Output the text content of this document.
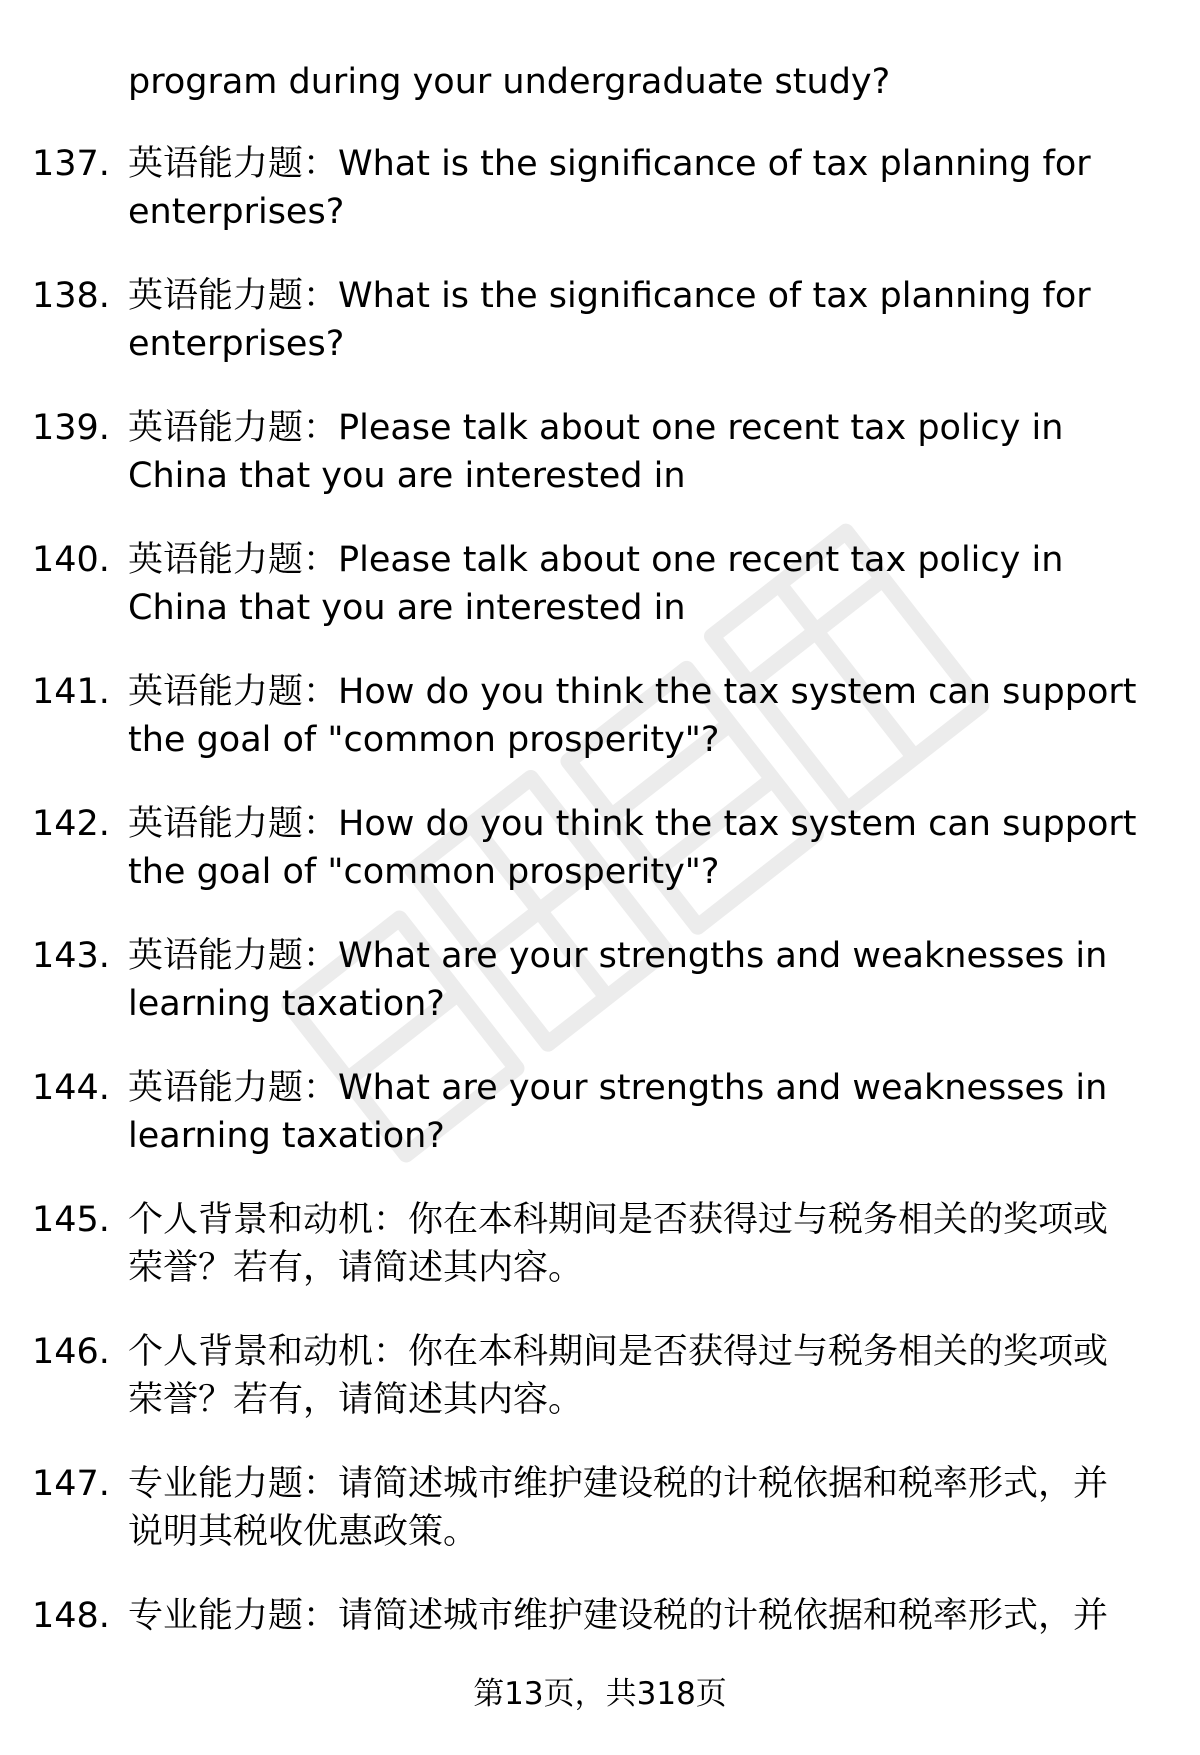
program during your undergraduate study?
137. 英语能力题：What is the significance of tax planning for enterprises?
138. 英语能力题：What is the significance of tax planning for enterprises?
139. 英语能力题：Please talk about one recent tax policy in China that you are interested in
140. 英语能力题：Please talk about one recent tax policy in China that you are interested in
141. 英语能力题：How do you think the tax system can support the goal of "common prosperity"?
142. 英语能力题：How do you think the tax system can support the goal of "common prosperity"?
143. 英语能力题：What are your strengths and weaknesses in learning taxation?
144. 英语能力题：What are your strengths and weaknesses in learning taxation?
145. 个人背景和动机：你在本科期间是否获得过与税务相关的奖项或荣誉？若有，请简述其内容。
146. 个人背景和动机：你在本科期间是否获得过与税务相关的奖项或荣誉？若有，请简述其内容。
147. 专业能力题：请简述城市维护建设税的计税依据和税率形式，并说明其税收优惠政策。
148. 专业能力题：请简述城市维护建设税的计税依据和税率形式，并
第13页，共318页
